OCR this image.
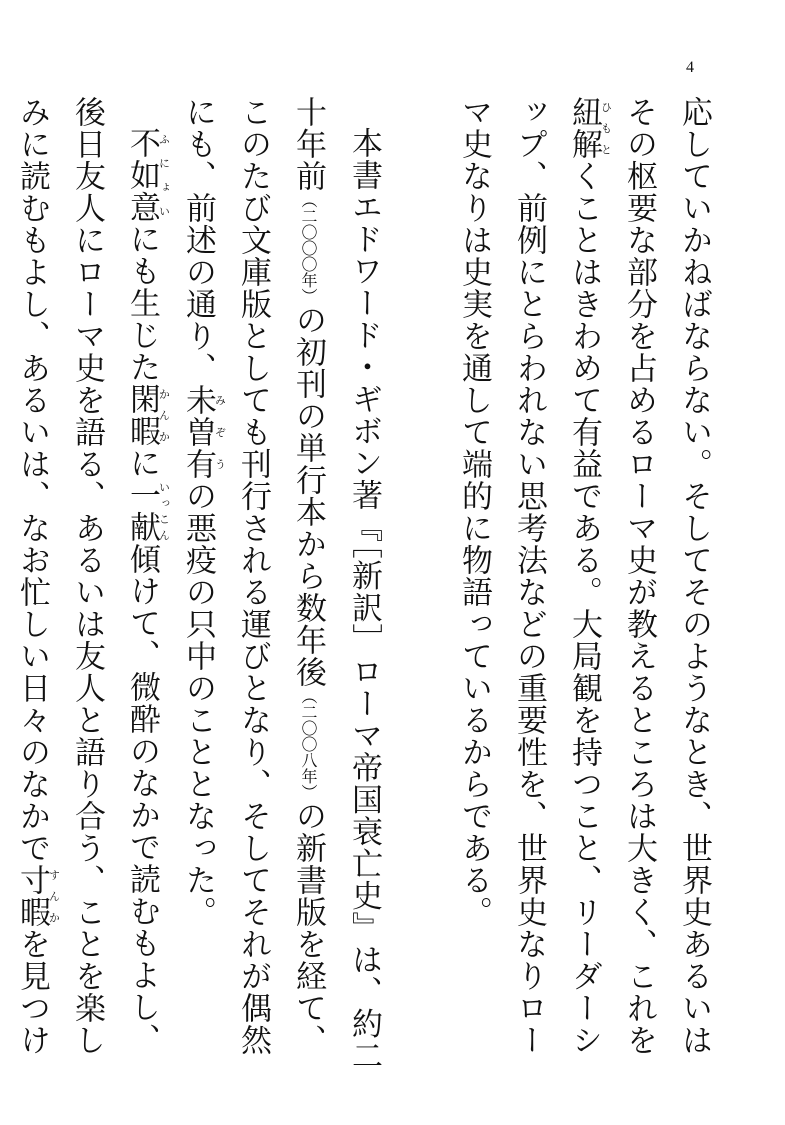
4

応していかねばならない。そしてそのようなとき、世界史あるいはその枢要な部分を占めるローマ史が教えるところは大きく、これを紐解ひもとくことはきわめて有益である。大局観を持つこと、リーダーシップ、前例にとらわれない思考法などの重要性を、世界史なりローマ史なりは史実を通して端的に物語っているからである。

本書エドワード・ギボン著『［新訳］ローマ帝国衰亡史』は、約二十年前（二〇〇〇年）の初刊の単行本から数年後（二〇〇八年）の新書版を経て、このたび文庫版としても刊行される運びとなり、そしてそれが偶然にも、前述の通り、未曽有みぞうの悪疫の只中のこととなった。

不如意ふにょいにも生じた閑暇かんかに一献いっこん傾けて、微酔のなかで読むもよし、後日友人にローマ史を語る、あるいは友人と語り合う、ことを楽しみに読むもよし、あるいは、なお忙しい日々のなかで寸暇すんかを見つけ
